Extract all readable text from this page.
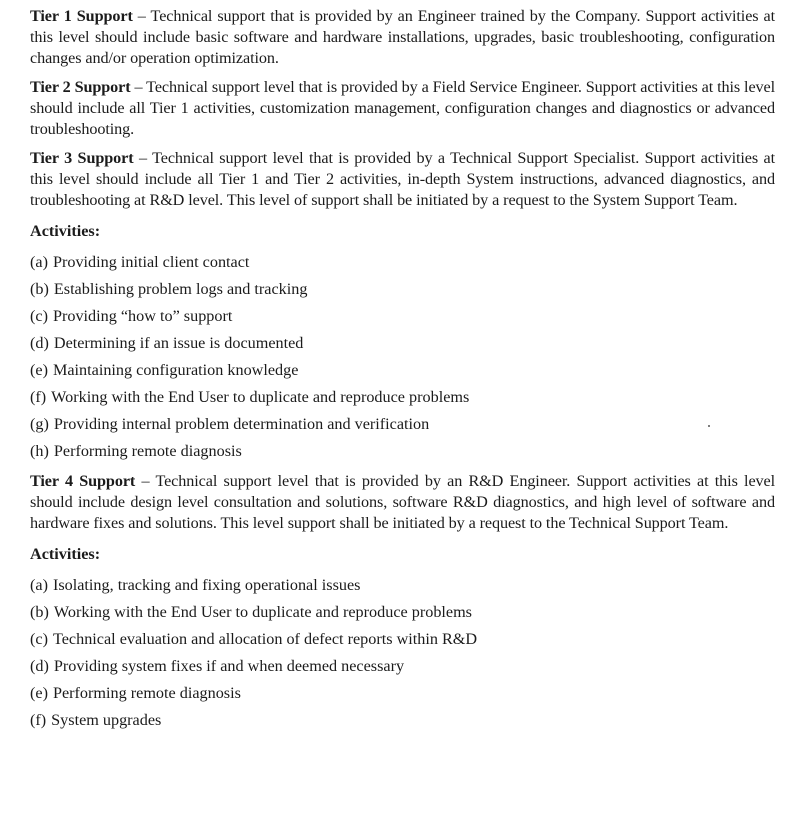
Tier 1 Support – Technical support that is provided by an Engineer trained by the Company. Support activities at this level should include basic software and hardware installations, upgrades, basic troubleshooting, configuration changes and/or operation optimization.

Tier 2 Support – Technical support level that is provided by a Field Service Engineer. Support activities at this level should include all Tier 1 activities, customization management, configuration changes and diagnostics or advanced troubleshooting.

Tier 3 Support – Technical support level that is provided by a Technical Support Specialist. Support activities at this level should include all Tier 1 and Tier 2 activities, in-depth System instructions, advanced diagnostics, and troubleshooting at R&D level. This level of support shall be initiated by a request to the System Support Team.

Activities:
(a) Providing initial client contact
(b) Establishing problem logs and tracking
(c) Providing “how to” support
(d) Determining if an issue is documented
(e) Maintaining configuration knowledge
(f) Working with the End User to duplicate and reproduce problems
(g) Providing internal problem determination and verification
(h) Performing remote diagnosis

Tier 4 Support – Technical support level that is provided by an R&D Engineer. Support activities at this level should include design level consultation and solutions, software R&D diagnostics, and high level of software and hardware fixes and solutions. This level support shall be initiated by a request to the Technical Support Team.

Activities:
(a) Isolating, tracking and fixing operational issues
(b) Working with the End User to duplicate and reproduce problems
(c) Technical evaluation and allocation of defect reports within R&D
(d) Providing system fixes if and when deemed necessary
(e) Performing remote diagnosis
(f) System upgrades
